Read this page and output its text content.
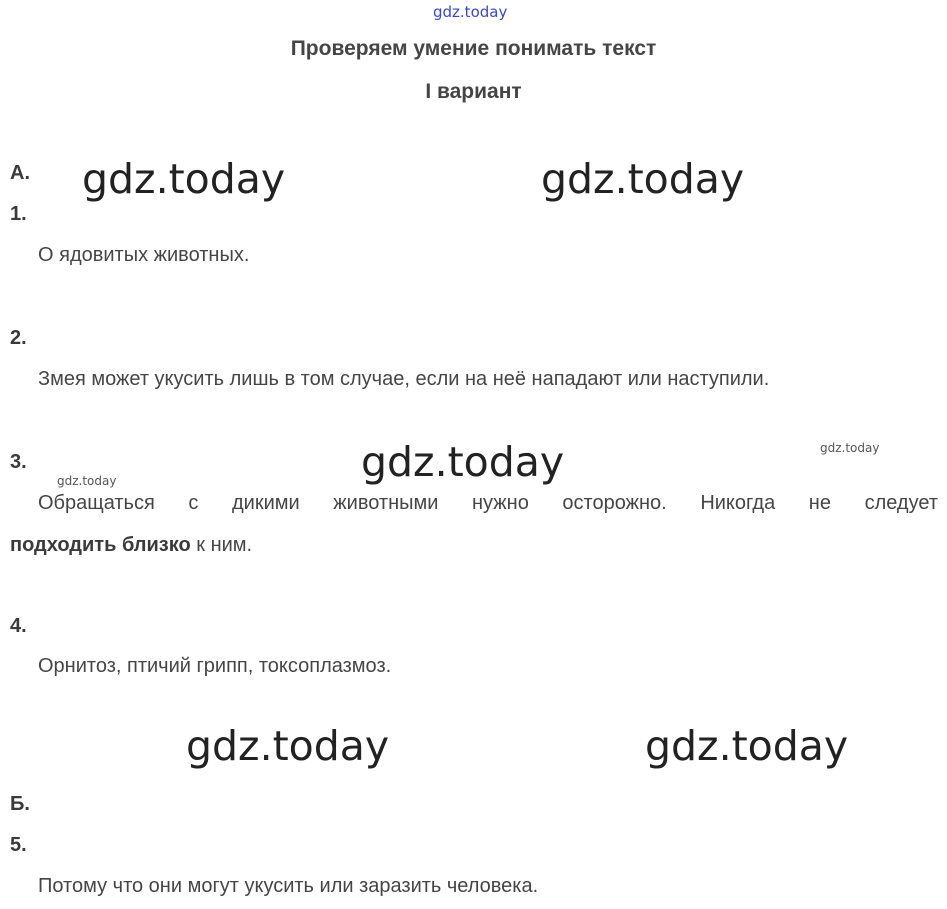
gdz.today
Проверяем умение понимать текст
I вариант
А. gdz.today	gdz.today
1.
О ядовитых животных.
2.
Змея может укусить лишь в том случае, если на неё нападают или наступили.
3.
gdz.today	gdz.today	gdz.today
Обращаться с дикими животными нужно осторожно. Никогда не следует
подходить близко к ним.
4.
Орнитоз, птичий грипп, токсоплазмоз.
gdz.today	gdz.today
Б.
5.
Потому что они могут укусить или заразить человека.
